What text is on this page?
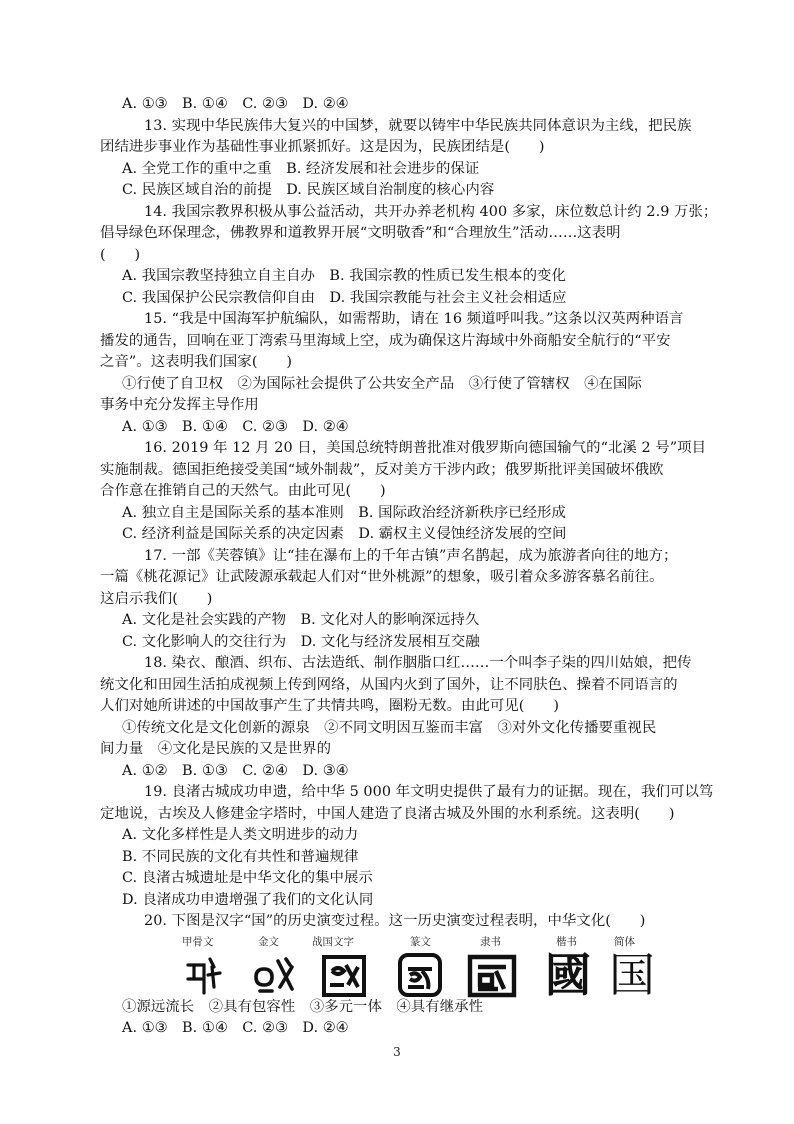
A. ①③　B. ①④　C. ②③　D. ②④
13. 实现中华民族伟大复兴的中国梦，就要以铸牢中华民族共同体意识为主线，把民族
团结进步事业作为基础性事业抓紧抓好。这是因为，民族团结是(　　)
A. 全党工作的重中之重　B. 经济发展和社会进步的保证
C. 民族区域自治的前提　D. 民族区域自治制度的核心内容
14. 我国宗教界积极从事公益活动，共开办养老机构 400 多家，床位数总计约 2.9 万张；
倡导绿色环保理念，佛教界和道教界开展“文明敬香”和“合理放生”活动……这表明
(　　)
A. 我国宗教坚持独立自主自办　B. 我国宗教的性质已发生根本的变化
C. 我国保护公民宗教信仰自由　D. 我国宗教能与社会主义社会相适应
15. “我是中国海军护航编队，如需帮助，请在 16 频道呼叫我。”这条以汉英两种语言
播发的通告，回响在亚丁湾索马里海域上空，成为确保这片海域中外商船安全航行的“平安
之音”。这表明我们国家(　　)
①行使了自卫权　②为国际社会提供了公共安全产品　③行使了管辖权　④在国际
事务中充分发挥主导作用
A. ①③　B. ①④　C. ②③　D. ②④
16. 2019 年 12 月 20 日，美国总统特朗普批准对俄罗斯向德国输气的“北溪 2 号”项目
实施制裁。德国拒绝接受美国“域外制裁”，反对美方干涉内政；俄罗斯批评美国破坏俄欧
合作意在推销自己的天然气。由此可见(　　)
A. 独立自主是国际关系的基本准则　B. 国际政治经济新秩序已经形成
C. 经济利益是国际关系的决定因素　D. 霸权主义侵蚀经济发展的空间
17. 一部《芙蓉镇》让“挂在瀑布上的千年古镇”声名鹊起，成为旅游者向往的地方；
一篇《桃花源记》让武陵源承载起人们对“世外桃源”的想象，吸引着众多游客慕名前往。
这启示我们(　　)
A. 文化是社会实践的产物　B. 文化对人的影响深远持久
C. 文化影响人的交往行为　D. 文化与经济发展相互交融
18. 染衣、酿酒、织布、古法造纸、制作胭脂口红……一个叫李子柒的四川姑娘，把传
统文化和田园生活拍成视频上传到网络，从国内火到了国外，让不同肤色、操着不同语言的
人们对她所讲述的中国故事产生了共情共鸣，圈粉无数。由此可见(　　)
①传统文化是文化创新的源泉　②不同文明因互鉴而丰富　③对外文化传播要重视民
间力量　④文化是民族的又是世界的
A. ①②　B. ①③　C. ②④　D. ③④
19. 良渚古城成功申遗，给中华 5 000 年文明史提供了最有力的证据。现在，我们可以笃
定地说，古埃及人修建金字塔时，中国人建造了良渚古城及外围的水利系统。这表明(　　)
A. 文化多样性是人类文明进步的动力
B. 不同民族的文化有共性和普遍规律
C. 良渚古城遗址是中华文化的集中展示
D. 良渚成功申遗增强了我们的文化认同
20. 下图是汉字“国”的历史演变过程。这一历史演变过程表明，中华文化(　　)
甲骨文	金文	战国文字	篆文	隶书	楷书	简体
國 国
①源远流长　②具有包容性　③多元一体　④具有继承性
A. ①③　B. ①④　C. ②③　D. ②④
3
